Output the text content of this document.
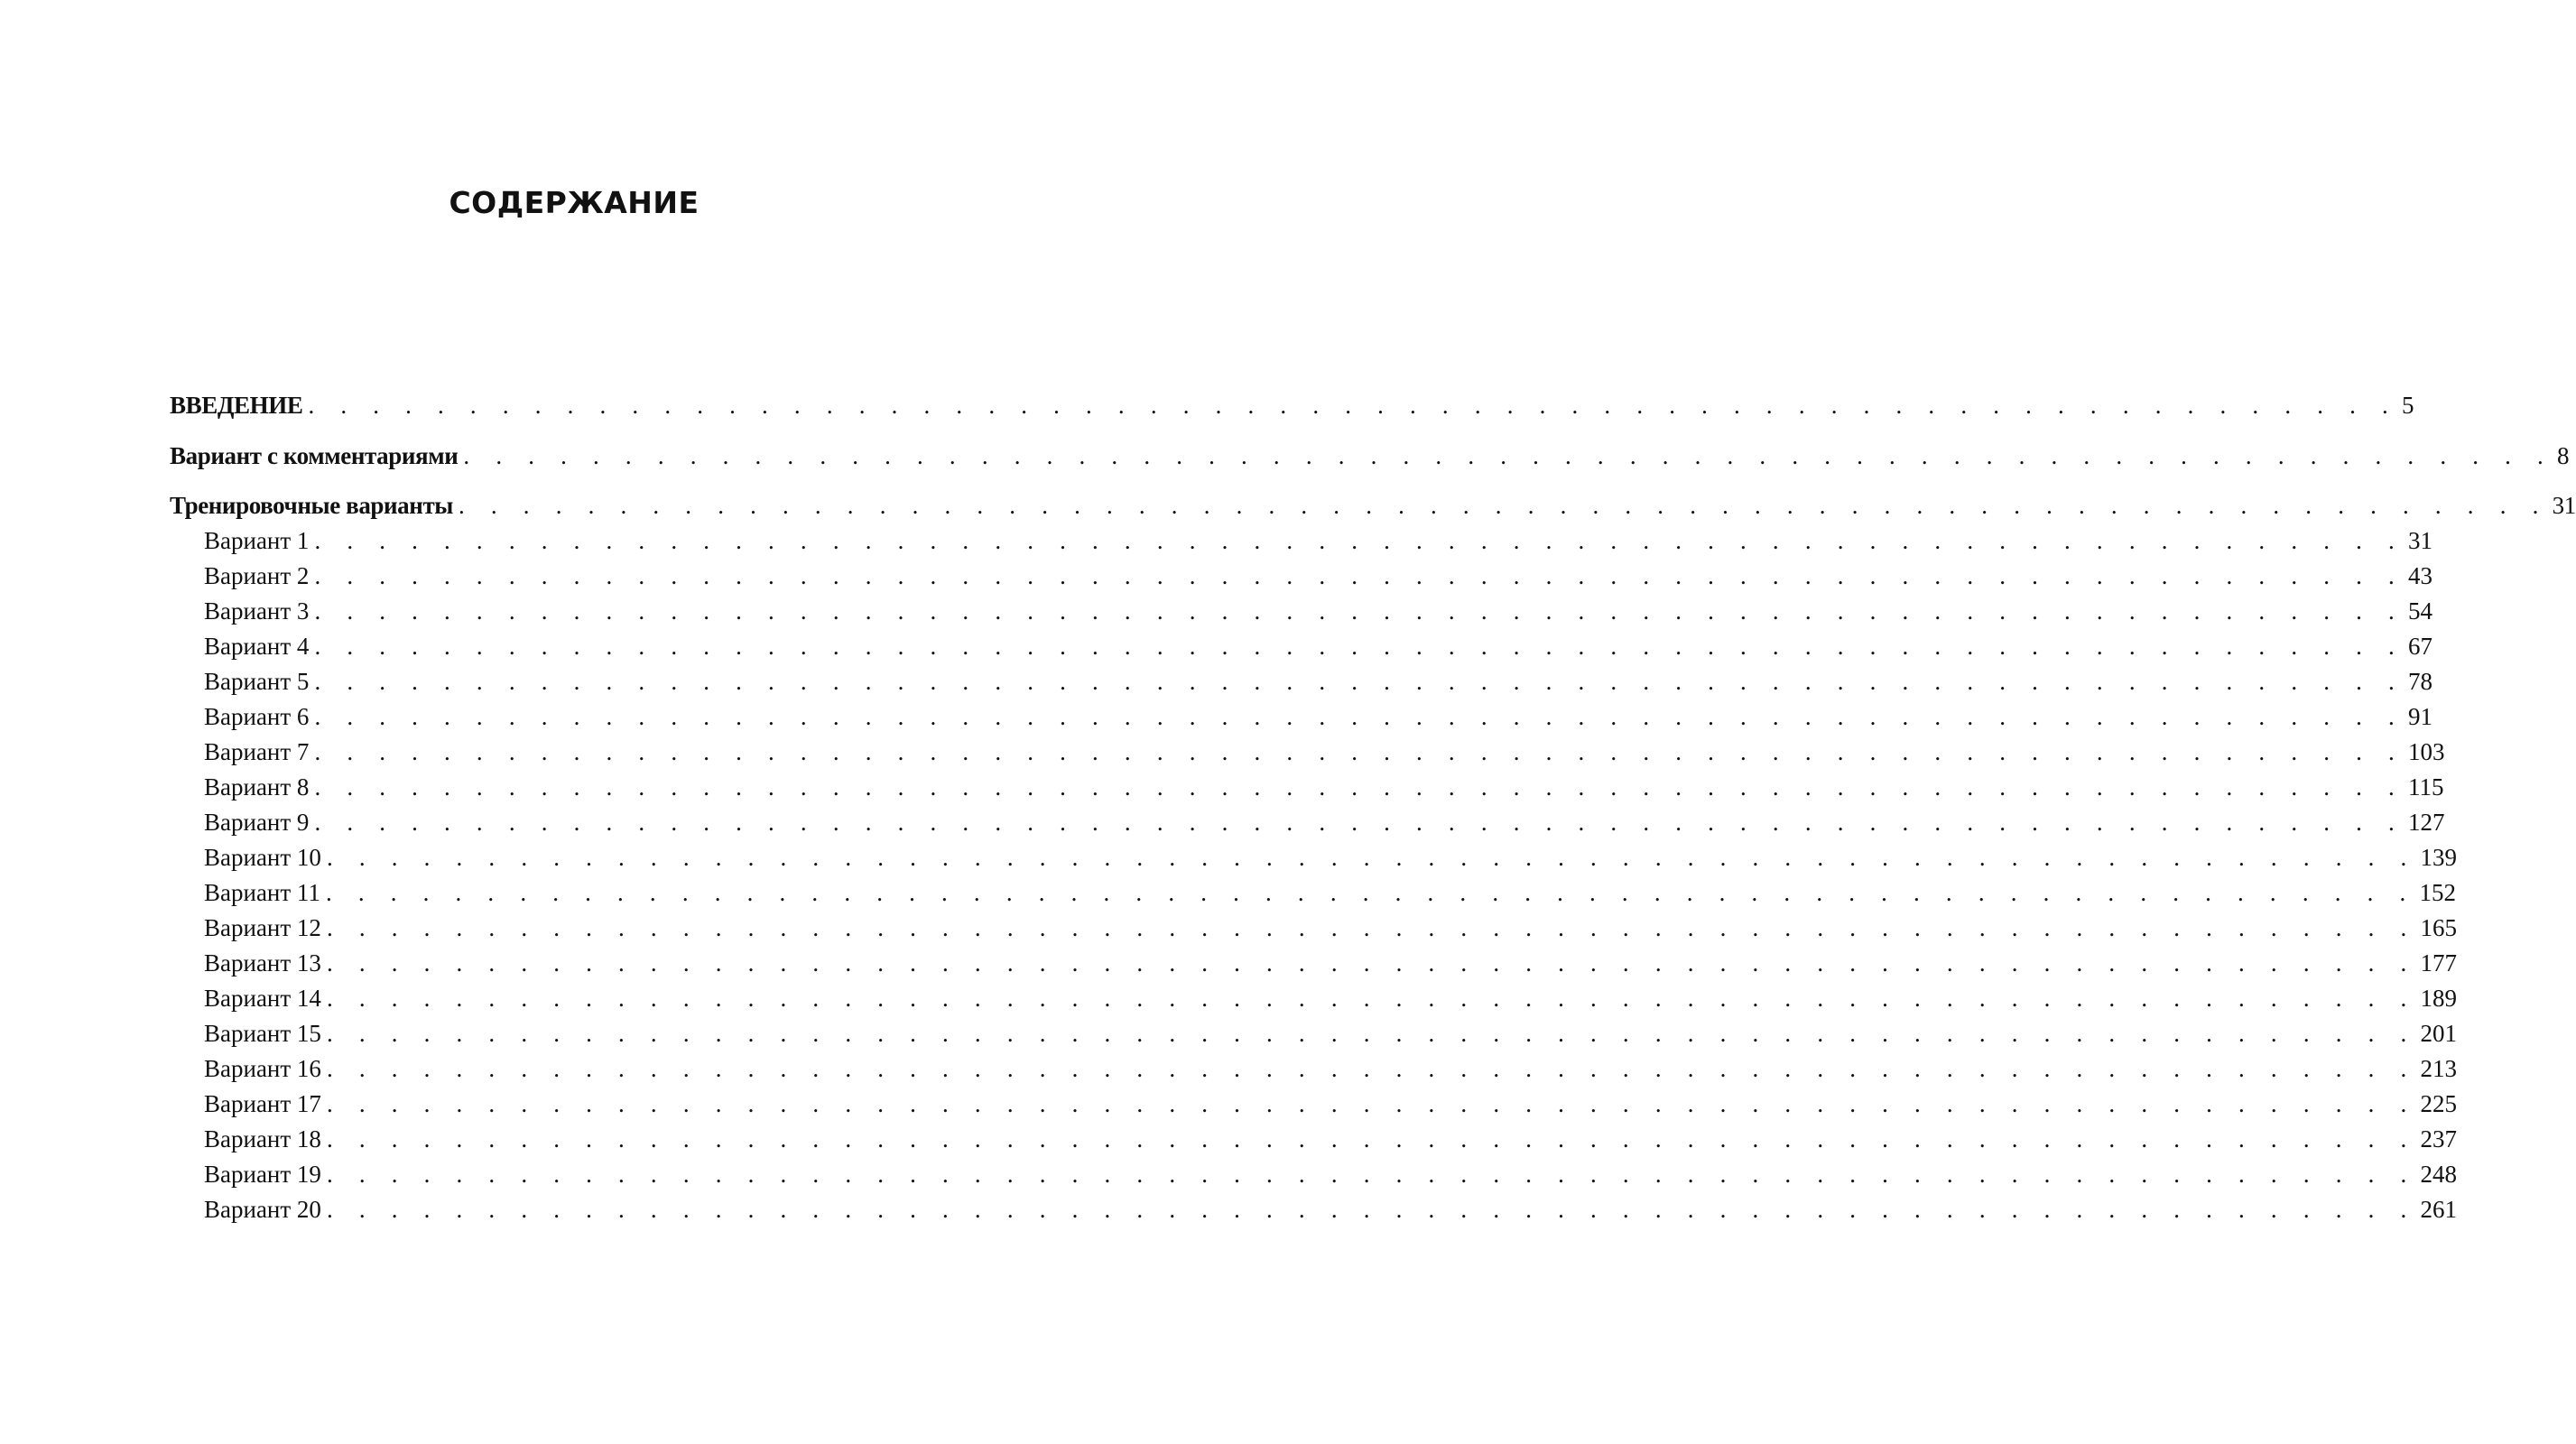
СОДЕРЖАНИЕ
ВВЕДЕНИЕ . . . . . . . . . . . . . . . . . . . . . . . . . . . . . . . . . . . . . . . . . . . . . . . . . . . . . . . . . . . . . . . . . 5
Вариант с комментариями . . . . . . . . . . . . . . . . . . . . . . . . . . . . . . . . . . . . . . . . . . . . . . . . . . . . . . . . . . . . . . . . . 8
Тренировочные варианты . . . . . . . . . . . . . . . . . . . . . . . . . . . . . . . . . . . . . . . . . . . . . . . . . . . . . . . . . . . . . . . . . 31
Вариант 1 . . . . . . . . . . . . . . . . . . . . . . . . . . . . . . . . . . . . . . . . . . . . . . . . . . . . . . . . . . . . . . . . . 31
Вариант 2 . . . . . . . . . . . . . . . . . . . . . . . . . . . . . . . . . . . . . . . . . . . . . . . . . . . . . . . . . . . . . . . . . 43
Вариант 3 . . . . . . . . . . . . . . . . . . . . . . . . . . . . . . . . . . . . . . . . . . . . . . . . . . . . . . . . . . . . . . . . . 54
Вариант 4 . . . . . . . . . . . . . . . . . . . . . . . . . . . . . . . . . . . . . . . . . . . . . . . . . . . . . . . . . . . . . . . . . 67
Вариант 5 . . . . . . . . . . . . . . . . . . . . . . . . . . . . . . . . . . . . . . . . . . . . . . . . . . . . . . . . . . . . . . . . . 78
Вариант 6 . . . . . . . . . . . . . . . . . . . . . . . . . . . . . . . . . . . . . . . . . . . . . . . . . . . . . . . . . . . . . . . . . 91
Вариант 7 . . . . . . . . . . . . . . . . . . . . . . . . . . . . . . . . . . . . . . . . . . . . . . . . . . . . . . . . . . . . . . . . . 103
Вариант 8 . . . . . . . . . . . . . . . . . . . . . . . . . . . . . . . . . . . . . . . . . . . . . . . . . . . . . . . . . . . . . . . . . 115
Вариант 9 . . . . . . . . . . . . . . . . . . . . . . . . . . . . . . . . . . . . . . . . . . . . . . . . . . . . . . . . . . . . . . . . . 127
Вариант 10 . . . . . . . . . . . . . . . . . . . . . . . . . . . . . . . . . . . . . . . . . . . . . . . . . . . . . . . . . . . . . . . . . 139
Вариант 11 . . . . . . . . . . . . . . . . . . . . . . . . . . . . . . . . . . . . . . . . . . . . . . . . . . . . . . . . . . . . . . . . . 152
Вариант 12 . . . . . . . . . . . . . . . . . . . . . . . . . . . . . . . . . . . . . . . . . . . . . . . . . . . . . . . . . . . . . . . . . 165
Вариант 13 . . . . . . . . . . . . . . . . . . . . . . . . . . . . . . . . . . . . . . . . . . . . . . . . . . . . . . . . . . . . . . . . . 177
Вариант 14 . . . . . . . . . . . . . . . . . . . . . . . . . . . . . . . . . . . . . . . . . . . . . . . . . . . . . . . . . . . . . . . . . 189
Вариант 15 . . . . . . . . . . . . . . . . . . . . . . . . . . . . . . . . . . . . . . . . . . . . . . . . . . . . . . . . . . . . . . . . . 201
Вариант 16 . . . . . . . . . . . . . . . . . . . . . . . . . . . . . . . . . . . . . . . . . . . . . . . . . . . . . . . . . . . . . . . . . 213
Вариант 17 . . . . . . . . . . . . . . . . . . . . . . . . . . . . . . . . . . . . . . . . . . . . . . . . . . . . . . . . . . . . . . . . . 225
Вариант 18 . . . . . . . . . . . . . . . . . . . . . . . . . . . . . . . . . . . . . . . . . . . . . . . . . . . . . . . . . . . . . . . . . 237
Вариант 19 . . . . . . . . . . . . . . . . . . . . . . . . . . . . . . . . . . . . . . . . . . . . . . . . . . . . . . . . . . . . . . . . . 248
Вариант 20 . . . . . . . . . . . . . . . . . . . . . . . . . . . . . . . . . . . . . . . . . . . . . . . . . . . . . . . . . . . . . . . . . 261
